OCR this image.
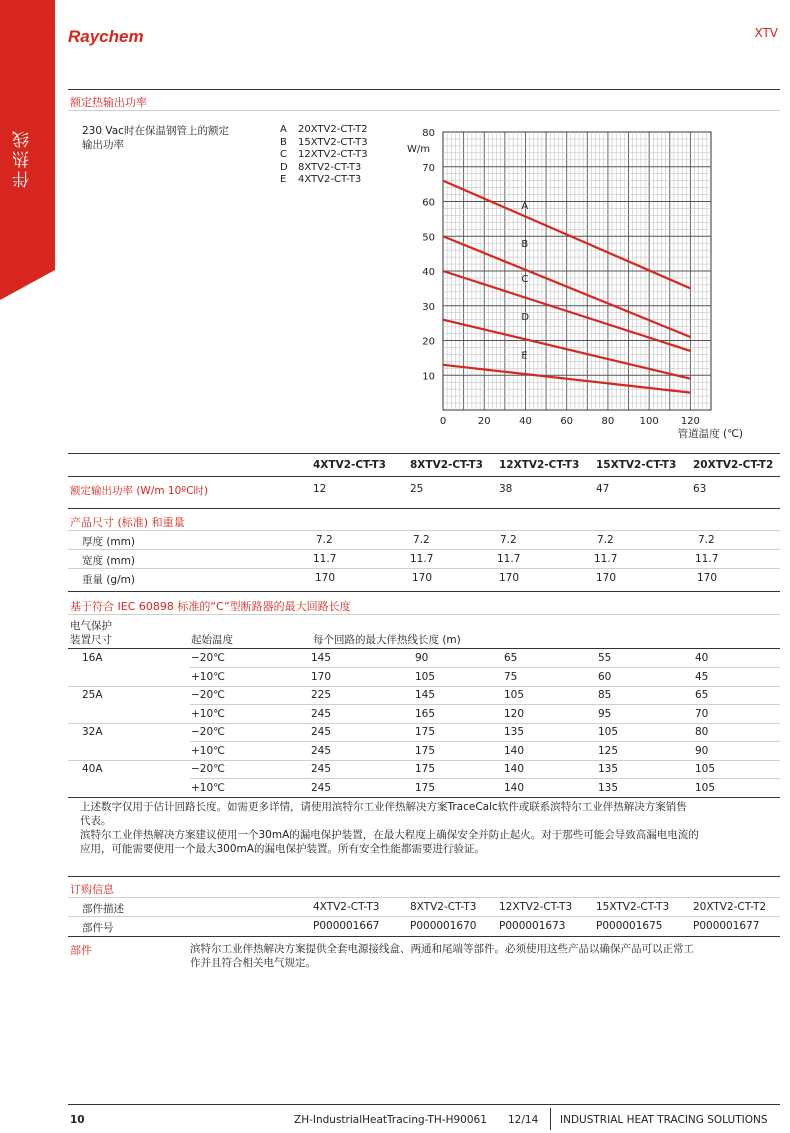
伴热线
Raychem	XTV
额定热输出功率
230 Vac时在保温钢管上的额定
输出功率
A 20XTV2-CT-T2
B 15XTV2-CT-T3
C 12XTV2-CT-T3
D 8XTV2-CT-T3
E 4XTV2-CT-T3
0	20	40	60	80	100 120
10
20
30
40
50
60
70
80
W/m
管道温度 (℃)
A
B
C
D
E
4XTV2-CT-T3 8XTV2-CT-T3 12XTV2-CT-T3 15XTV2-CT-T3 20XTV2-CT-T2
额定输出功率 (W/m 10ºC时)	12	25	38	47	63
产品尺寸 (标准) 和重量
厚度 (mm)	7.2	7.2	7.2	7.2	7.2
宽度 (mm)	11.7	11.7	11.7	11.7	11.7
重量 (g/m)	170	170	170	170	170
基于符合 IEC 60898 标准的“C”型断路器的最大回路长度
电气保护
装置尺寸	起始温度	每个回路的最大伴热线长度 (m)
16A	−20℃	145	90	65	55	40
+10℃	170	105	75	60	45
25A	−20℃	225	145	105	85	65
+10℃	245	165	120	95	70
32A	−20℃	245	175	135	105	80
+10℃	245	175	140	125	90
40A	−20℃	245	175	140	135	105
+10℃	245	175	140	135	105
上述数字仅用于估计回路长度。如需更多详情，请使用滨特尔工业伴热解决方案TraceCalc软件或联系滨特尔工业伴热解决方案销售
代表。
滨特尔工业伴热解决方案建议使用一个30mA的漏电保护装置，在最大程度上确保安全并防止起火。对于那些可能会导致高漏电电流的
应用，可能需要使用一个最大300mA的漏电保护装置。所有安全性能都需要进行验证。
订购信息
部件描述	4XTV2-CT-T3	8XTV2-CT-T3 12XTV2-CT-T3 15XTV2-CT-T3 20XTV2-CT-T2
部件号	P000001667	P000001670 P000001673	P000001675	P000001677
部件	滨特尔工业伴热解决方案提供全套电源接线盒、两通和尾端等部件。必须使用这些产品以确保产品可以正常工
作并且符合相关电气规定。
10	ZH-IndustrialHeatTracing-TH-H90061 12/14 INDUSTRIAL HEAT TRACING SOLUTIONS
